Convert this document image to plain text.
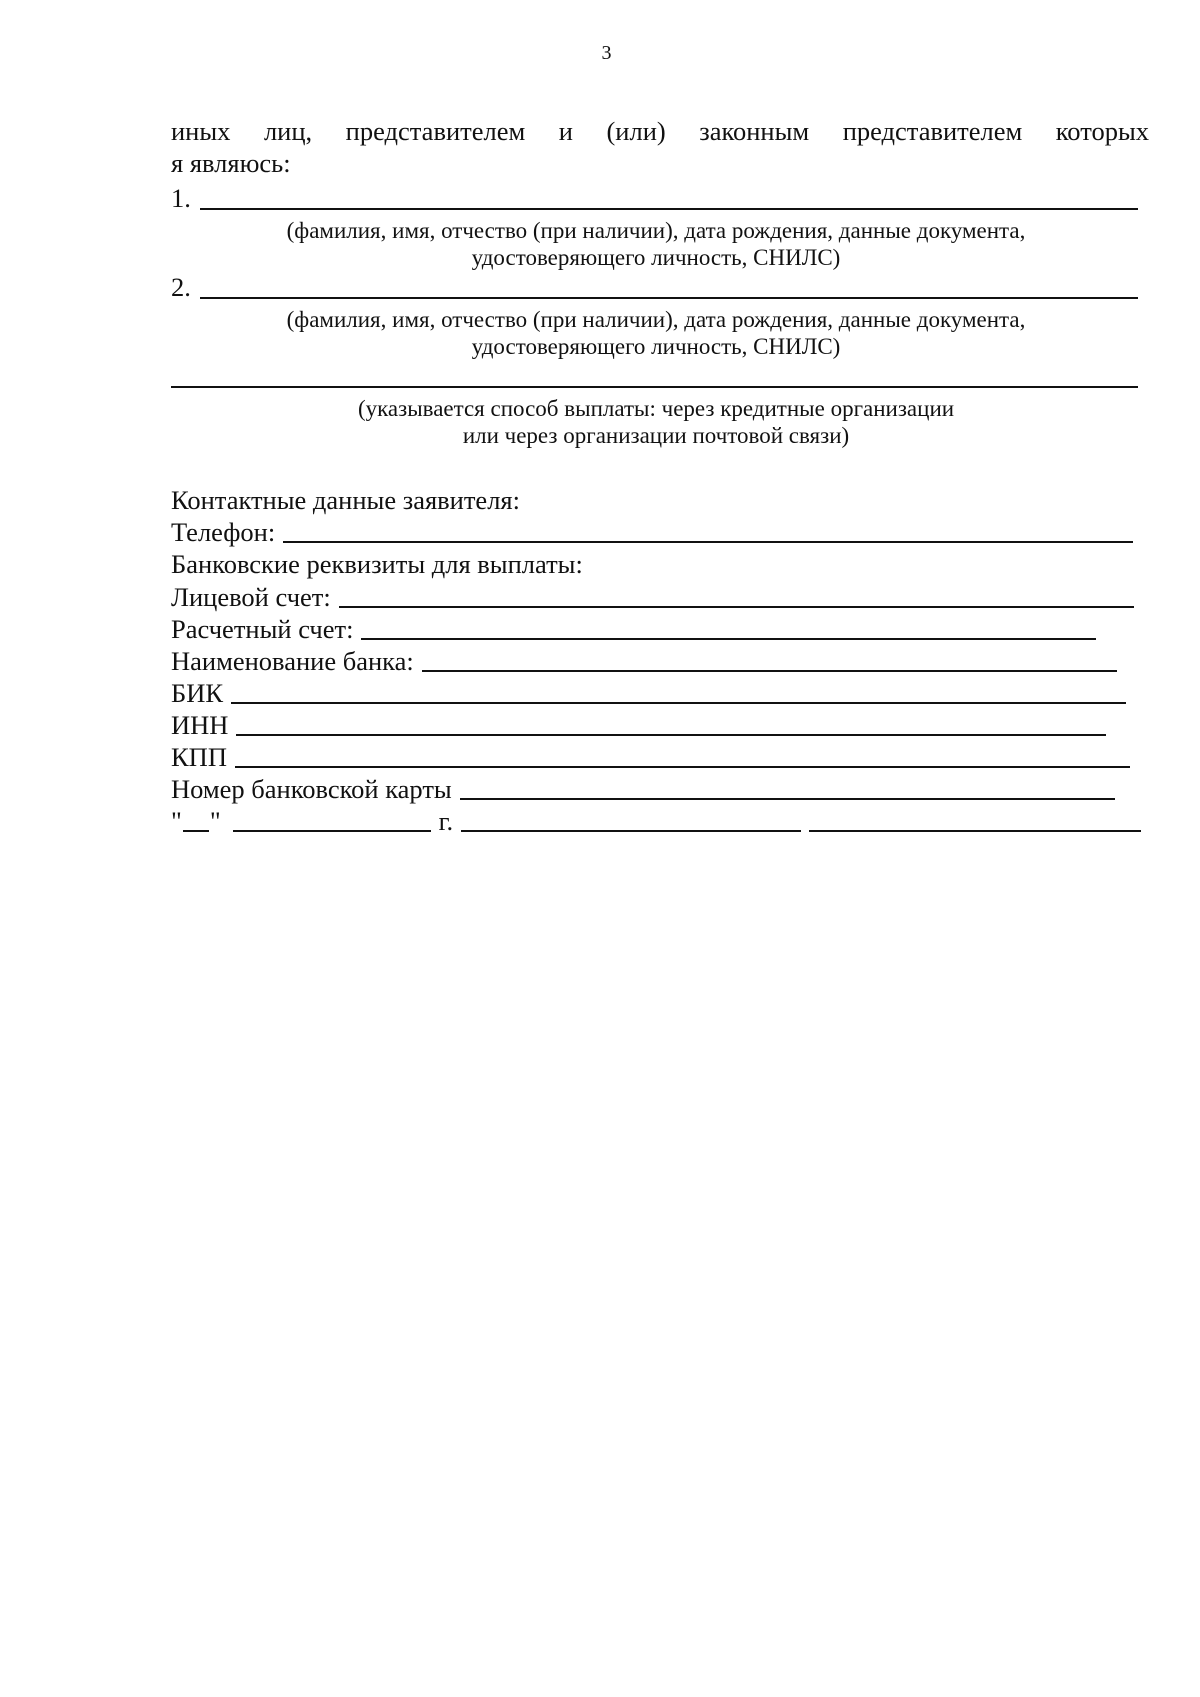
3
иных лиц, представителем и (или) законным представителем которых
я являюсь:
1.
(фамилия, имя, отчество (при наличии), дата рождения, данные документа,
удостоверяющего личность, СНИЛС)
2.
(фамилия, имя, отчество (при наличии), дата рождения, данные документа,
удостоверяющего личность, СНИЛС)
(указывается способ выплаты: через кредитные организации
или через организации почтовой связи)
Контактные данные заявителя:
Телефон:
Банковские реквизиты для выплаты:
Лицевой счет:
Расчетный счет:
Наименование банка:
БИК
ИНН
КПП
Номер банковской карты
" "	г.
